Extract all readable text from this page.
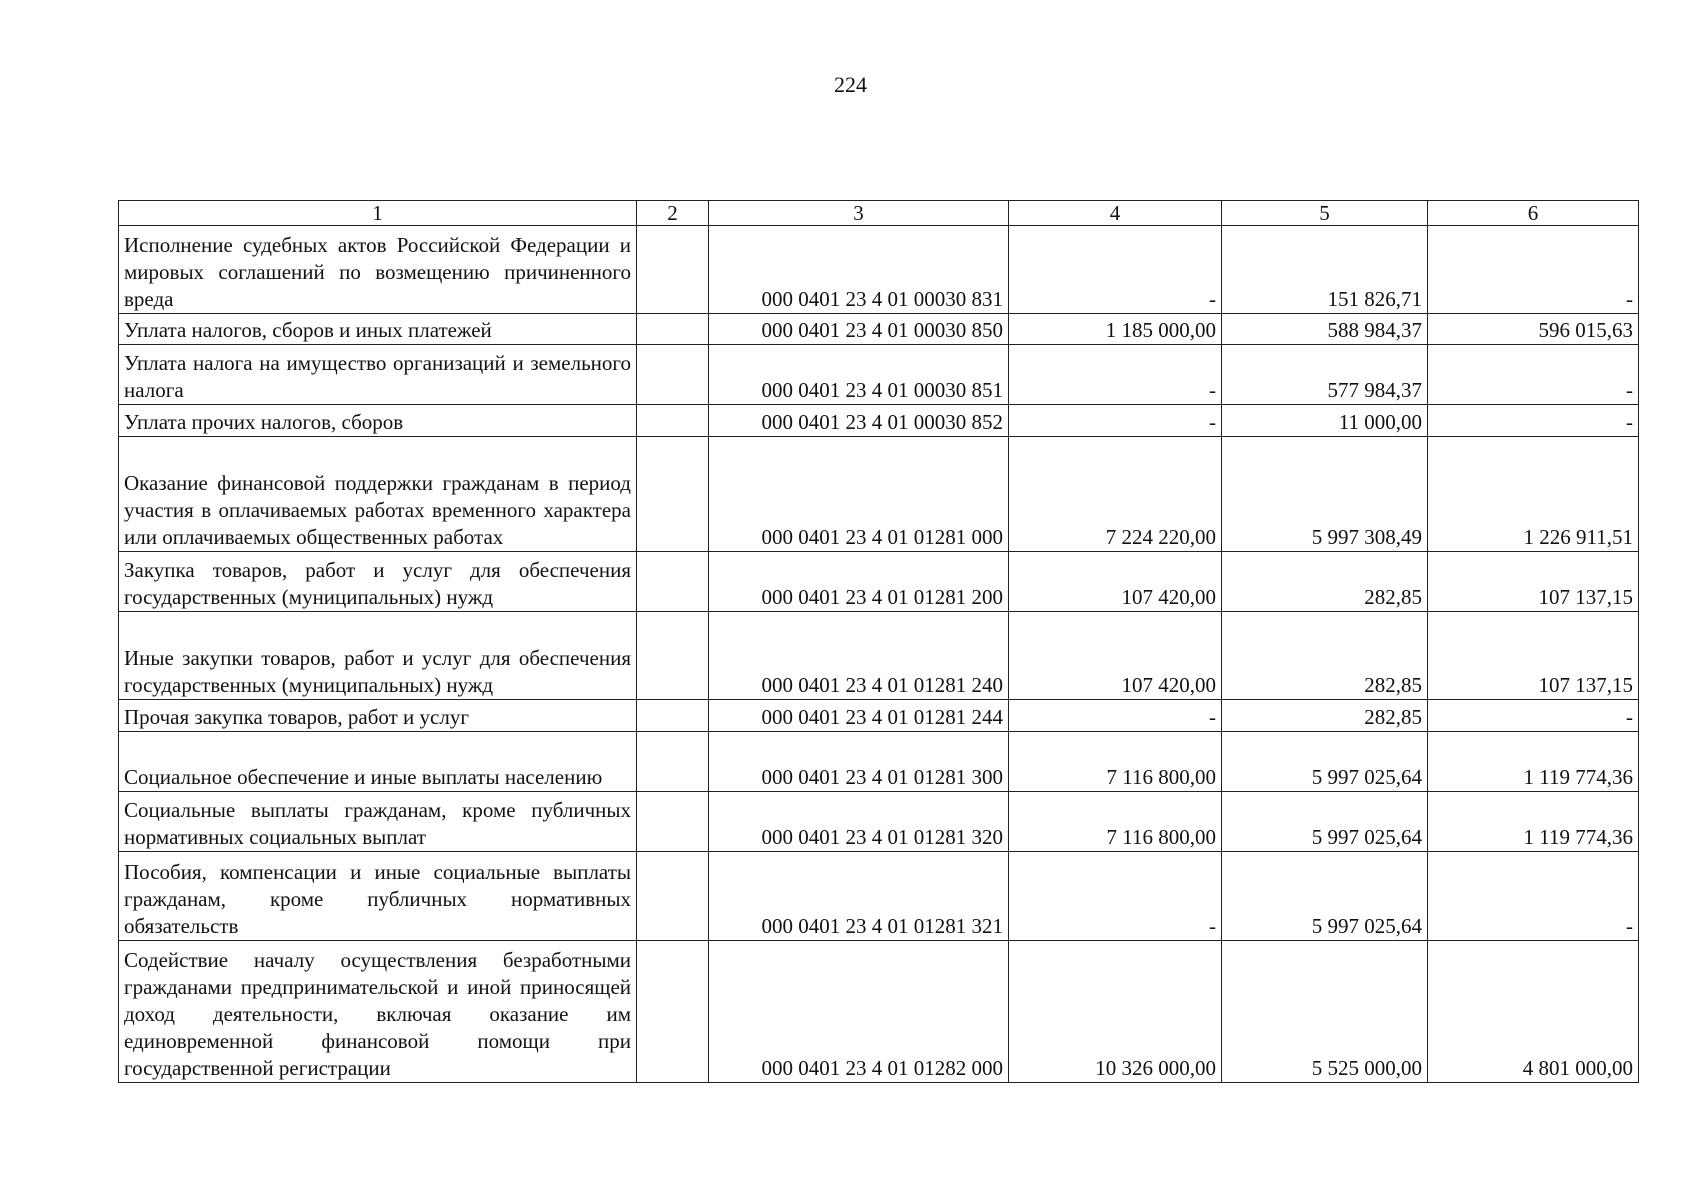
224
1	2	3	4	5	6
Исполнение судебных актов Российской Федерации и мировых соглашений по возмещению причиненного вреда		000 0401 23 4 01 00030 831	-	151 826,71	-
Уплата налогов, сборов и иных платежей		000 0401 23 4 01 00030 850	1 185 000,00	588 984,37	596 015,63
Уплата налога на имущество организаций и земельного налога		000 0401 23 4 01 00030 851	-	577 984,37	-
Уплата прочих налогов, сборов		000 0401 23 4 01 00030 852	-	11 000,00	-
Оказание финансовой поддержки гражданам в период участия в оплачиваемых работах временного характера или оплачиваемых общественных работах		000 0401 23 4 01 01281 000	7 224 220,00	5 997 308,49	1 226 911,51
Закупка товаров, работ и услуг для обеспечения государственных (муниципальных) нужд		000 0401 23 4 01 01281 200	107 420,00	282,85	107 137,15
Иные закупки товаров, работ и услуг для обеспечения государственных (муниципальных) нужд		000 0401 23 4 01 01281 240	107 420,00	282,85	107 137,15
Прочая закупка товаров, работ и услуг		000 0401 23 4 01 01281 244	-	282,85	-
Социальное обеспечение и иные выплаты населению		000 0401 23 4 01 01281 300	7 116 800,00	5 997 025,64	1 119 774,36
Социальные выплаты гражданам, кроме публичных нормативных социальных выплат		000 0401 23 4 01 01281 320	7 116 800,00	5 997 025,64	1 119 774,36
Пособия, компенсации и иные социальные выплаты гражданам, кроме публичных нормативных обязательств		000 0401 23 4 01 01281 321	-	5 997 025,64	-
Содействие началу осуществления безработными гражданами предпринимательской и иной приносящей доход деятельности, включая оказание им единовременной финансовой помощи при государственной регистрации		000 0401 23 4 01 01282 000	10 326 000,00	5 525 000,00	4 801 000,00
